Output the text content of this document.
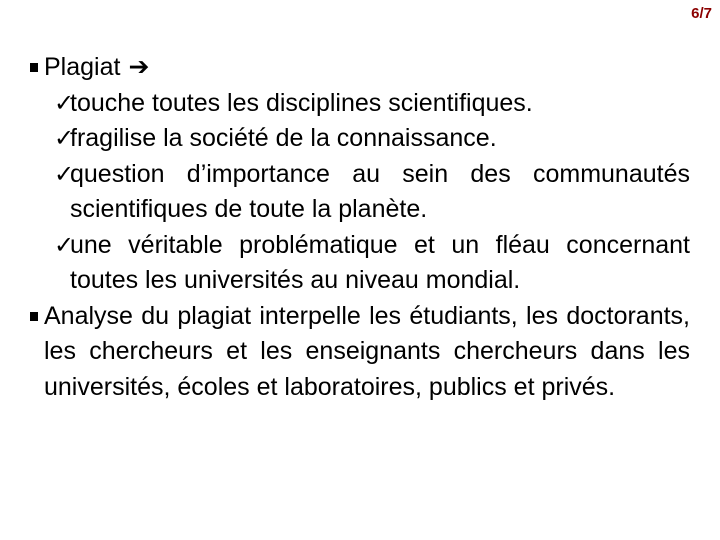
6/7
Plagiat ➔
✓
touche toutes les disciplines scientifiques.
✓
fragilise la société de la connaissance.
✓
question d’importance au sein des communautés scientifiques de toute la planète.
✓
une véritable problématique et un fléau concernant toutes les universités au niveau mondial.
Analyse du plagiat interpelle les étudiants, les doctorants, les chercheurs et les enseignants chercheurs dans les universités, écoles et laboratoires, publics et privés.
